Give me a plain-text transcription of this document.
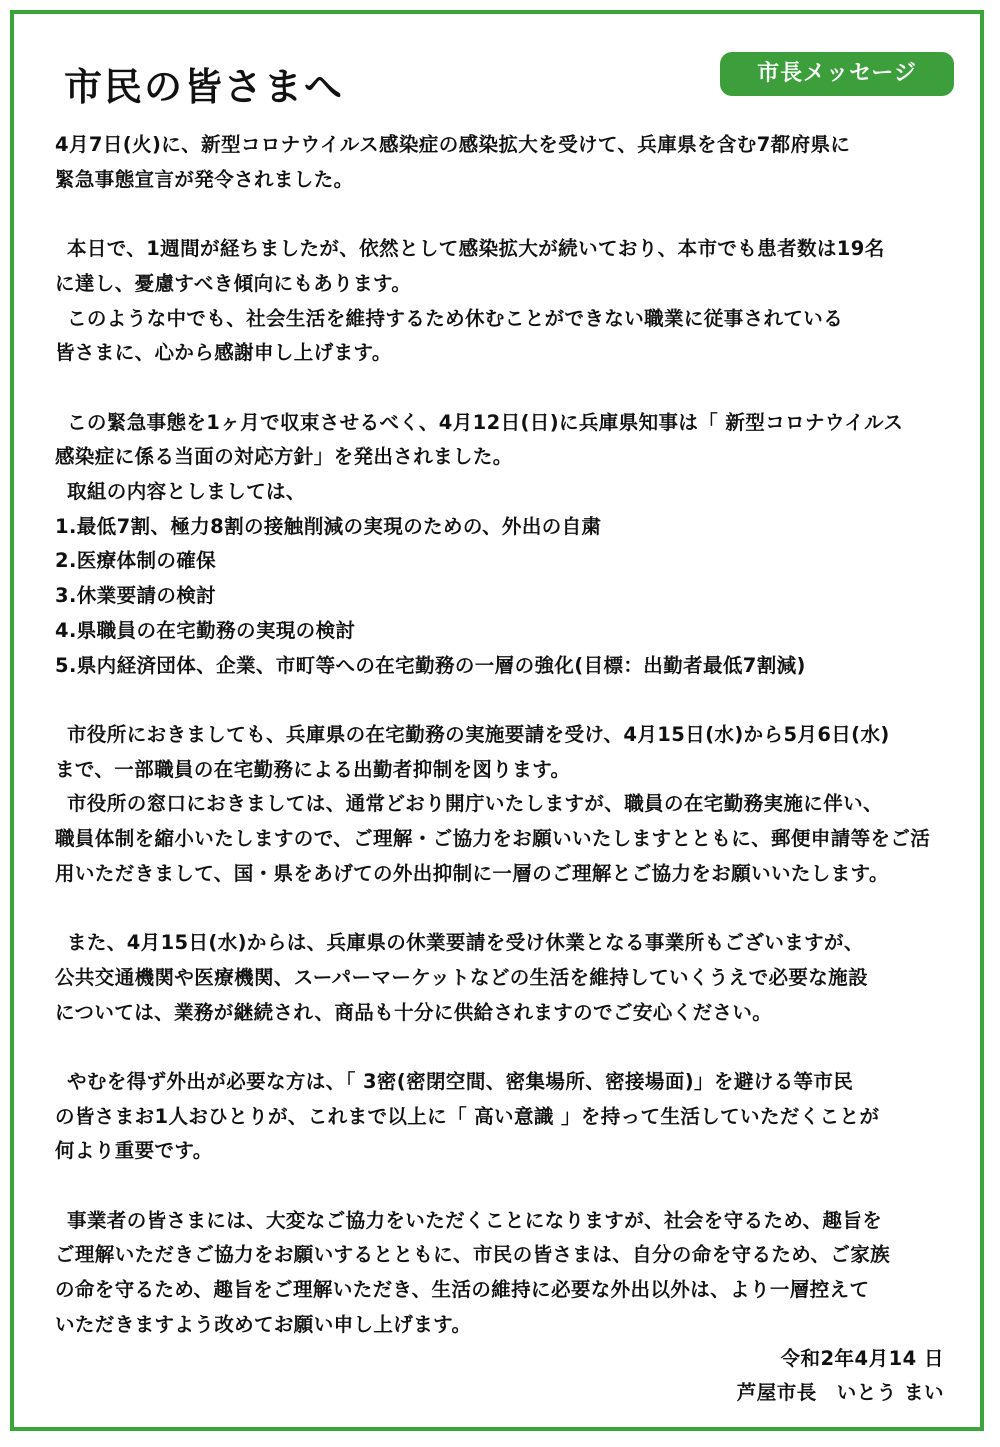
市民の皆さまへ	市長メッセージ

4月7日(火)に、新型コロナウイルス感染症の感染拡大を受けて、兵庫県を含む7都府県に

緊急事態宣言が発令されました。

本日で、1週間が経ちましたが、依然として感染拡大が続いており、本市でも患者数は19名

に達し、憂慮すべき傾向にもあります。

このような中でも、社会生活を維持するため休むことができない職業に従事されている

皆さまに、心から感謝申し上げます。

この緊急事態を1ヶ月で収束させるべく、4月12日(日)に兵庫県知事は「 新型コロナウイルス

感染症に係る当面の対応方針」を発出されました。

取組の内容としましては、

1.最低7割、極力8割の接触削減の実現のための、外出の自粛

2.医療体制の確保

3.休業要請の検討

4.県職員の在宅勤務の実現の検討

5.県内経済団体、企業、市町等への在宅勤務の一層の強化(目標：出勤者最低7割減)

市役所におきましても、兵庫県の在宅勤務の実施要請を受け、4月15日(水)から5月6日(水)

まで、一部職員の在宅勤務による出勤者抑制を図ります。

市役所の窓口におきましては、通常どおり開庁いたしますが、職員の在宅勤務実施に伴い、

職員体制を縮小いたしますので、ご理解・ご協力をお願いいたしますとともに、郵便申請等をご活

用いただきまして、国・県をあげての外出抑制に一層のご理解とご協力をお願いいたします。

また、4月15日(水)からは、兵庫県の休業要請を受け休業となる事業所もございますが、

公共交通機関や医療機関、スーパーマーケットなどの生活を維持していくうえで必要な施設

については、業務が継続され、商品も十分に供給されますのでご安心ください。

やむを得ず外出が必要な方は、「 3密(密閉空間、密集場所、密接場面)」を避ける等市民

の皆さまお1人おひとりが、これまで以上に「 高い意識 」を持って生活していただくことが

何より重要です。

事業者の皆さまには、大変なご協力をいただくことになりますが、社会を守るため、趣旨を

ご理解いただきご協力をお願いするとともに、市民の皆さまは、自分の命を守るため、ご家族

の命を守るため、趣旨をご理解いただき、生活の維持に必要な外出以外は、より一層控えて

いただきますよう改めてお願い申し上げます。

令和2年4月14 日

芦屋市長　いとう まい
